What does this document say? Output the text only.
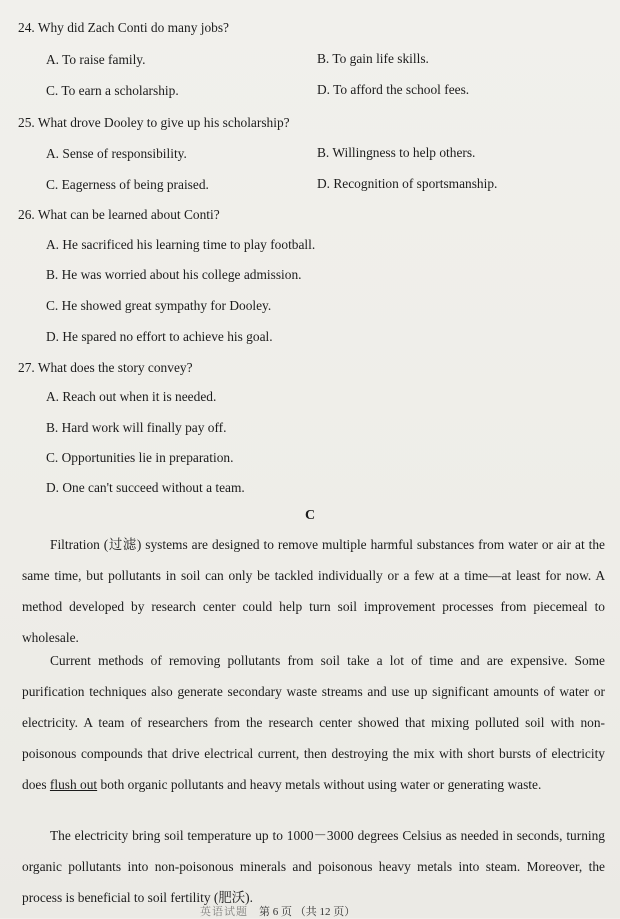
24. Why did Zach Conti do many jobs?
A. To raise family.	B. To gain life skills.
C. To earn a scholarship.	D. To afford the school fees.
25. What drove Dooley to give up his scholarship?
A. Sense of responsibility.	B. Willingness to help others.
C. Eagerness of being praised.	D. Recognition of sportsmanship.
26. What can be learned about Conti?
A. He sacrificed his learning time to play football.
B. He was worried about his college admission.
C. He showed great sympathy for Dooley.
D. He spared no effort to achieve his goal.
27. What does the story convey?
A. Reach out when it is needed.
B. Hard work will finally pay off.
C. Opportunities lie in preparation.
D. One can't succeed without a team.
C

Filtration (过滤) systems are designed to remove multiple harmful substances from water or air at the same time, but pollutants in soil can only be tackled individually or a few at a time—at least for now. A method developed by research center could help turn soil improvement processes from piecemeal to wholesale.

Current methods of removing pollutants from soil take a lot of time and are expensive. Some purification techniques also generate secondary waste streams and use up significant amounts of water or electricity. A team of researchers from the research center showed that mixing polluted soil with non-poisonous compounds that drive electrical current, then destroying the mix with short bursts of electricity does flush out both organic pollutants and heavy metals without using water or generating waste.

The electricity bring soil temperature up to 1000－3000 degrees Celsius as needed in seconds, turning organic pollutants into non-poisonous minerals and poisonous heavy metals into steam. Moreover, the process is beneficial to soil fertility (肥沃).

英语试题 第 6 页 （共 12 页）
